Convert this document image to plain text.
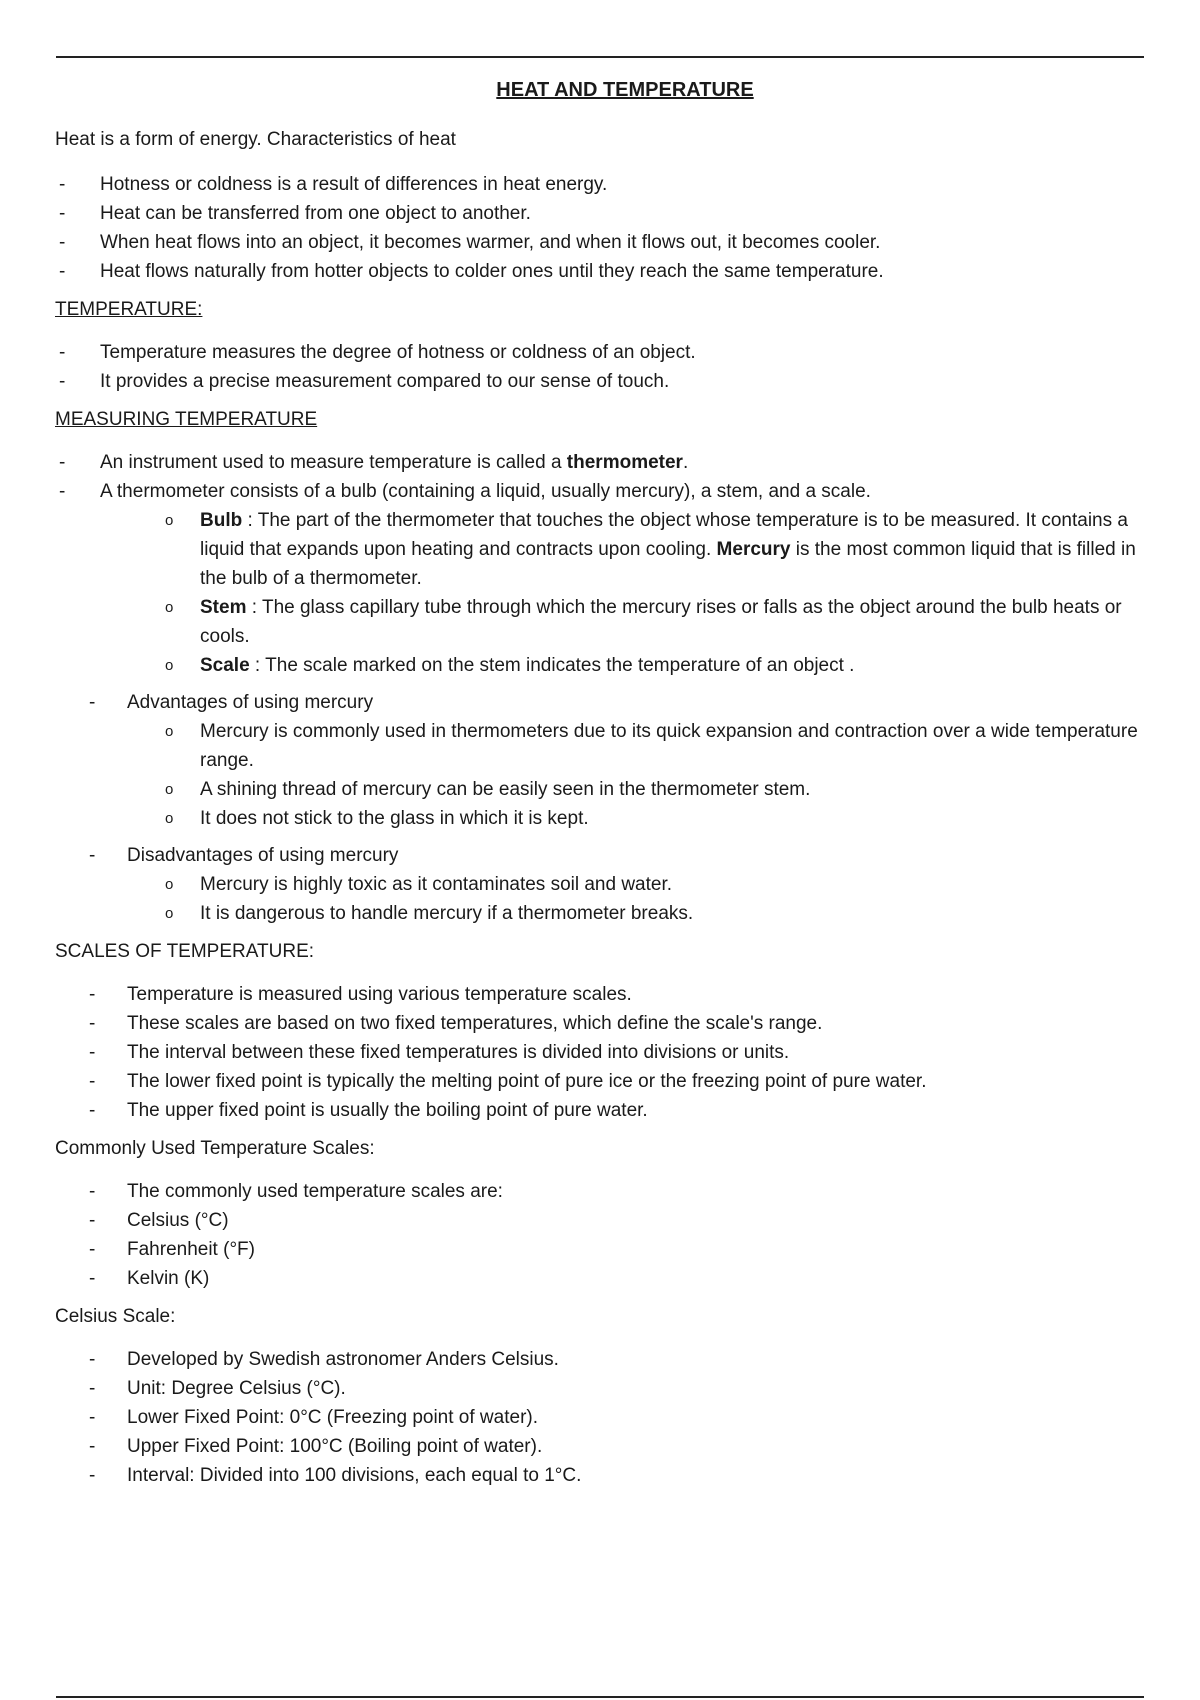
HEAT AND TEMPERATURE

Heat is a form of energy. Characteristics of heat

- Hotness or coldness is a result of differences in heat energy.
- Heat can be transferred from one object to another.
- When heat flows into an object, it becomes warmer, and when it flows out, it becomes cooler.
- Heat flows naturally from hotter objects to colder ones until they reach the same temperature.
TEMPERATURE:
- Temperature measures the degree of hotness or coldness of an object.
- It provides a precise measurement compared to our sense of touch.
MEASURING TEMPERATURE
- An instrument used to measure temperature is called a thermometer.
- A thermometer consists of a bulb (containing a liquid, usually mercury), a stem, and a scale.
o Bulb : The part of the thermometer that touches the object whose temperature is to be measured. It contains a liquid that expands upon heating and contracts upon cooling. Mercury is the most common liquid that is filled in the bulb of a thermometer.
o Stem : The glass capillary tube through which the mercury rises or falls as the object around the bulb heats or cools.
o Scale : The scale marked on the stem indicates the temperature of an object .
- Advantages of using mercury
o Mercury is commonly used in thermometers due to its quick expansion and contraction over a wide temperature range.
o A shining thread of mercury can be easily seen in the thermometer stem.
o It does not stick to the glass in which it is kept.
- Disadvantages of using mercury
o Mercury is highly toxic as it contaminates soil and water.
o It is dangerous to handle mercury if a thermometer breaks.
SCALES OF TEMPERATURE:
- Temperature is measured using various temperature scales.
- These scales are based on two fixed temperatures, which define the scale's range.
- The interval between these fixed temperatures is divided into divisions or units.
- The lower fixed point is typically the melting point of pure ice or the freezing point of pure water.
- The upper fixed point is usually the boiling point of pure water.
Commonly Used Temperature Scales:
- The commonly used temperature scales are:
- Celsius (°C)
- Fahrenheit (°F)
- Kelvin (K)
Celsius Scale:
- Developed by Swedish astronomer Anders Celsius.
- Unit: Degree Celsius (°C).
- Lower Fixed Point: 0°C (Freezing point of water).
- Upper Fixed Point: 100°C (Boiling point of water).
- Interval: Divided into 100 divisions, each equal to 1°C.
